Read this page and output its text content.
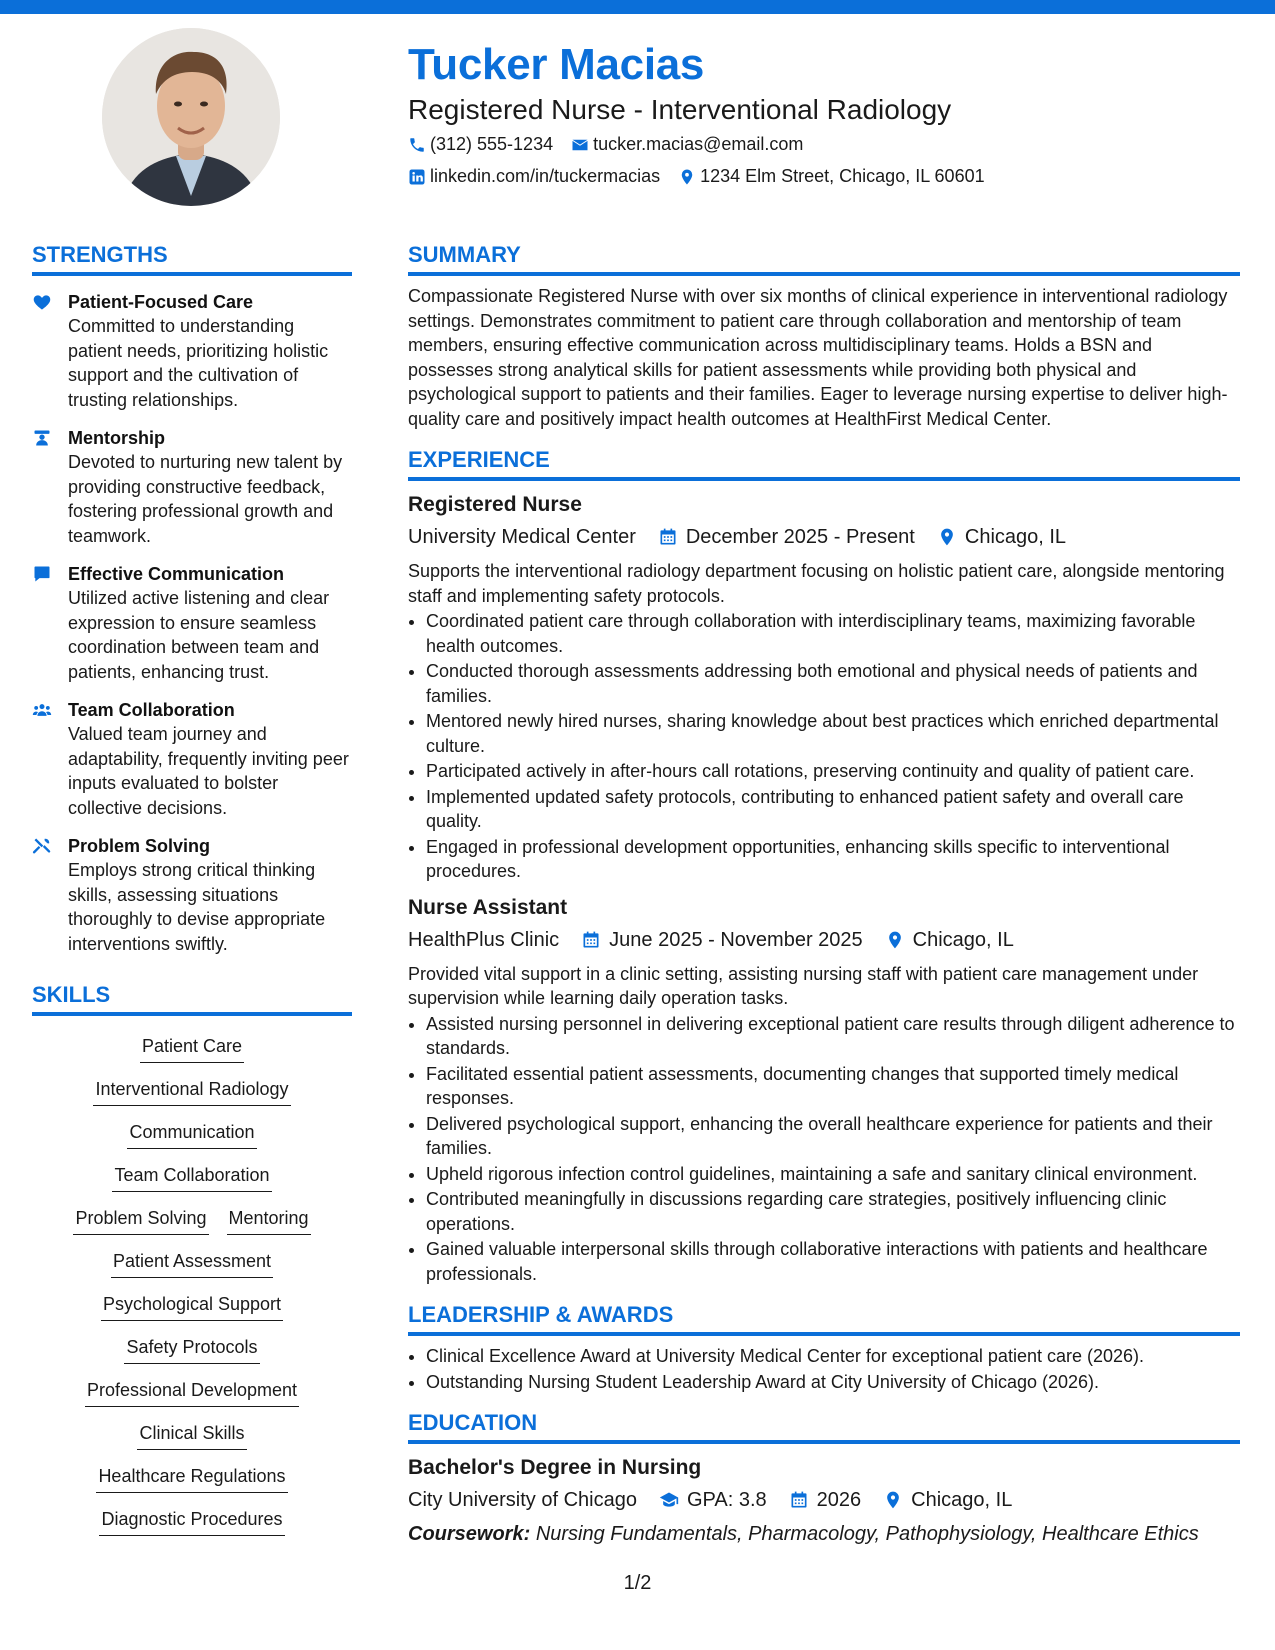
Tucker Macias

Registered Nurse - Interventional Radiology

(312) 555-1234 tucker.macias@email.com
linkedin.com/in/tuckermacias 1234 Elm Street, Chicago, IL 60601
STRENGTHS
Patient-Focused Care
Committed to understanding patient needs, prioritizing holistic support and the cultivation of trusting relationships.
Mentorship
Devoted to nurturing new talent by providing constructive feedback, fostering professional growth and teamwork.
Effective Communication
Utilized active listening and clear expression to ensure seamless coordination between team and patients, enhancing trust.
Team Collaboration
Valued team journey and adaptability, frequently inviting peer inputs evaluated to bolster collective decisions.
Problem Solving
Employs strong critical thinking skills, assessing situations thoroughly to devise appropriate interventions swiftly.
SKILLS
Patient Care
Interventional Radiology
Communication
Team Collaboration
Problem Solving Mentoring
Patient Assessment
Psychological Support
Safety Protocols
Professional Development
Clinical Skills
Healthcare Regulations
Diagnostic Procedures
SUMMARY

Compassionate Registered Nurse with over six months of clinical experience in interventional radiology settings. Demonstrates commitment to patient care through collaboration and mentorship of team members, ensuring effective communication across multidisciplinary teams. Holds a BSN and possesses strong analytical skills for patient assessments while providing both physical and psychological support to patients and their families. Eager to leverage nursing expertise to deliver high-quality care and positively impact health outcomes at HealthFirst Medical Center.

EXPERIENCE
Registered Nurse
University Medical Center	December 2025 - Present	Chicago, IL

Supports the interventional radiology department focusing on holistic patient care, alongside mentoring staff and implementing safety protocols.

• Coordinated patient care through collaboration with interdisciplinary teams, maximizing favorable health outcomes.
• Conducted thorough assessments addressing both emotional and physical needs of patients and families.
• Mentored newly hired nurses, sharing knowledge about best practices which enriched departmental culture.
• Participated actively in after-hours call rotations, preserving continuity and quality of patient care.
• Implemented updated safety protocols, contributing to enhanced patient safety and overall care quality.
• Engaged in professional development opportunities, enhancing skills specific to interventional procedures.
Nurse Assistant
HealthPlus Clinic	June 2025 - November 2025	Chicago, IL

Provided vital support in a clinic setting, assisting nursing staff with patient care management under supervision while learning daily operation tasks.

• Assisted nursing personnel in delivering exceptional patient care results through diligent adherence to standards.
• Facilitated essential patient assessments, documenting changes that supported timely medical responses.
• Delivered psychological support, enhancing the overall healthcare experience for patients and their families.
• Upheld rigorous infection control guidelines, maintaining a safe and sanitary clinical environment.
• Contributed meaningfully in discussions regarding care strategies, positively influencing clinic operations.
• Gained valuable interpersonal skills through collaborative interactions with patients and healthcare professionals.
LEADERSHIP & AWARDS
• Clinical Excellence Award at University Medical Center for exceptional patient care (2026).
• Outstanding Nursing Student Leadership Award at City University of Chicago (2026).
EDUCATION
Bachelor's Degree in Nursing
City University of Chicago	GPA: 3.8	2026	Chicago, IL
Coursework: Nursing Fundamentals, Pharmacology, Pathophysiology, Healthcare Ethics
1/2
